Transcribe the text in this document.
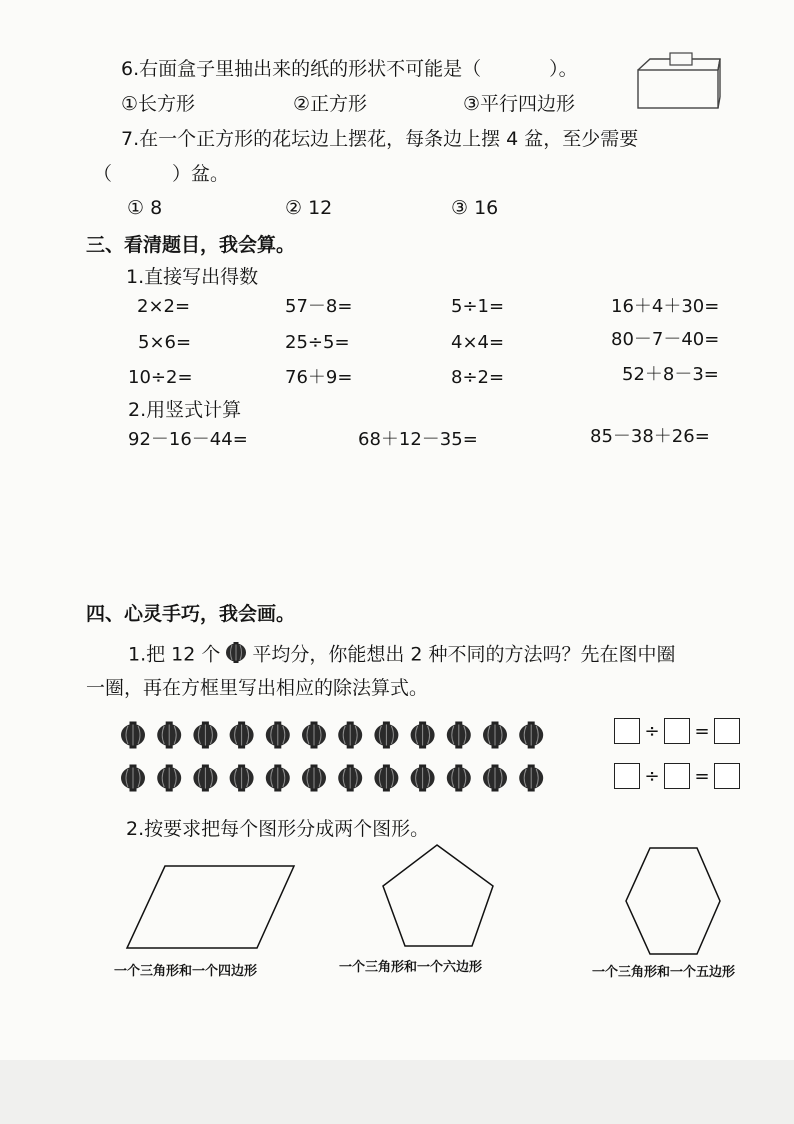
6.右面盒子里抽出来的纸的形状不可能是（	）。
①长方形	②正方形	③平行四边形
7.在一个正方形的花坛边上摆花，每条边上摆 4 盆，至少需要
（	）盆。
① 8	② 12	③ 16
三、看清题目，我会算。
1.直接写出得数
2×2=	57－8=	5÷1=	16＋4＋30=
5×6=	25÷5=	4×4=	80－7－40=
10÷2=	76＋9=	8÷2=	52＋8－3=
2.用竖式计算
92－16－44=	68＋12－35=	85－38＋26=
四、心灵手巧，我会画。
1.把 12 个 平均分，你能想出 2 种不同的方法吗？先在图中圈
一圈，再在方框里写出相应的除法算式。
÷ =
÷ =
2.按要求把每个图形分成两个图形。
一个三角形和一个四边形	一个三角形和一个六边形	一个三角形和一个五边形
